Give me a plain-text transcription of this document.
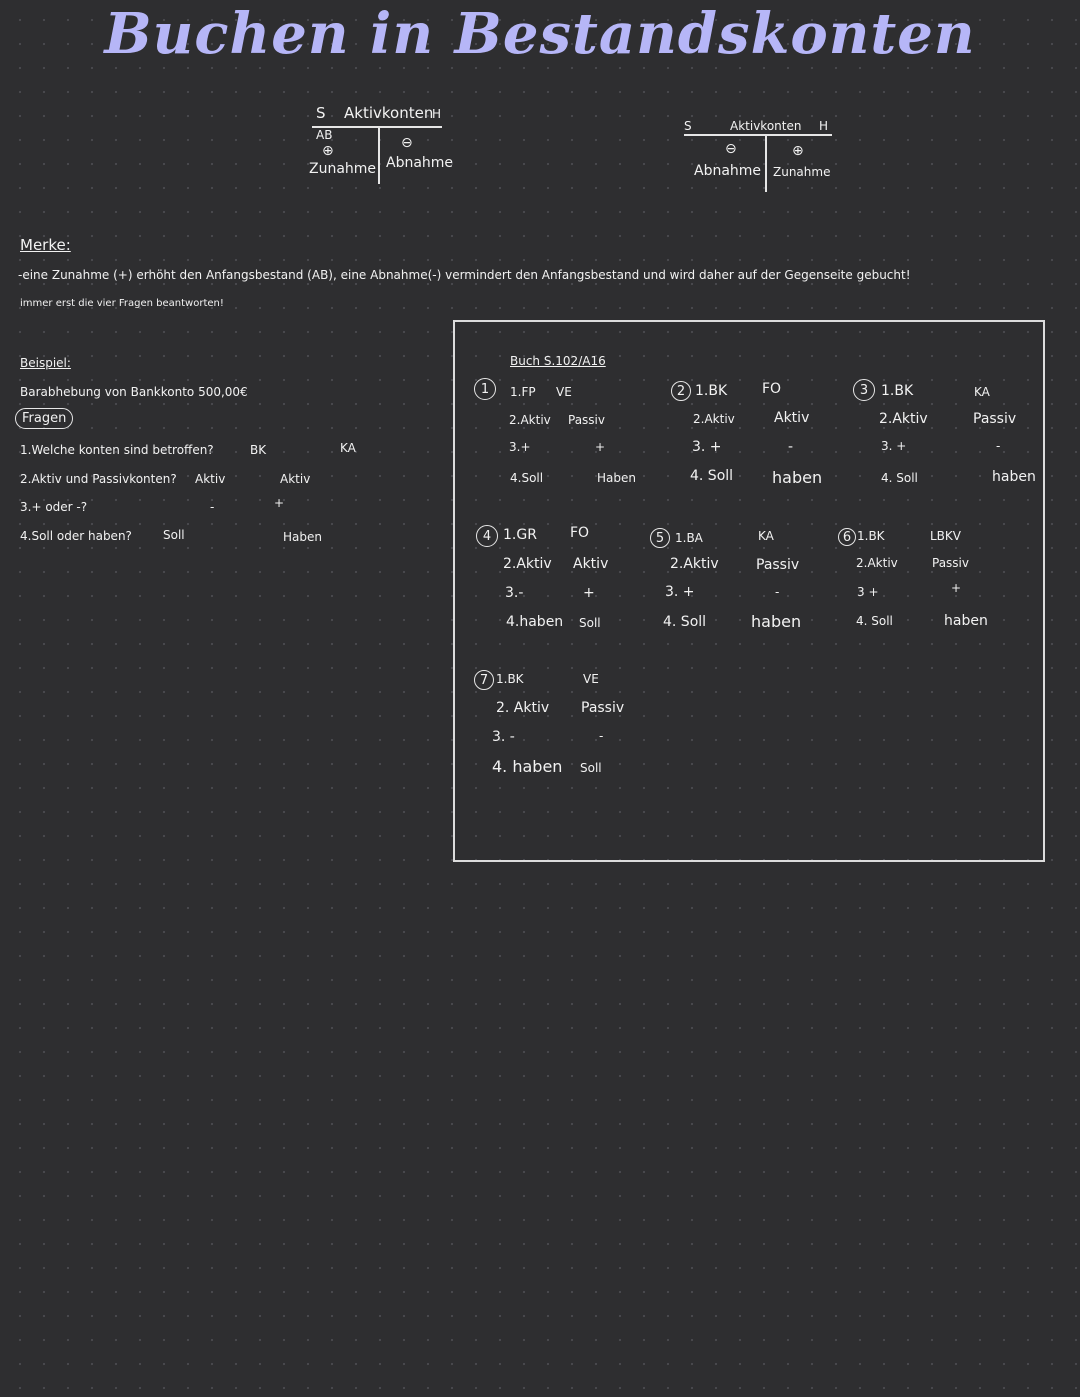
Buchen in Bestandskonten
S Aktivkonten
H
AB
⊕	⊖
Zunahme Abnahme
S	Aktivkonten H
⊖	⊕
Abnahme Zunahme
Merke:
-eine Zunahme (+) erhöht den Anfangsbestand (AB), eine Abnahme(-) vermindert den Anfangsbestand und wird daher auf der Gegenseite gebucht!
immer erst die vier Fragen beantworten!
Beispiel:
Barabhebung von Bankkonto 500,00€
Fragen
1.Welche konten sind betroffen?	BK	KA
2.Aktiv und Passivkonten? Aktiv	Aktiv
3.+ oder -?	-	+
4.Soll oder haben?	Soll	Haben
Buch S.102/A16
1	1.FP VE
2.Aktiv Passiv
3.+	+
4.Soll	Haben
2 1.BK FO
2.Aktiv	Aktiv
3. +	-
4. Soll haben
3 1.BK	KA
2.Aktiv	Passiv
3. +	-
4. Soll	haben
4 1.GR FO
2.Aktiv Aktiv
3.-	+
4.haben Soll
5 1.BA	KA
2.Aktiv	Passiv
3. +	-
4. Soll	haben
6 1.BK	LBKV
2.Aktiv	Passiv
3 +	+
4. Soll	haben
7 1.BK	VE
2. Aktiv Passiv
3. -	-
4. haben Soll
